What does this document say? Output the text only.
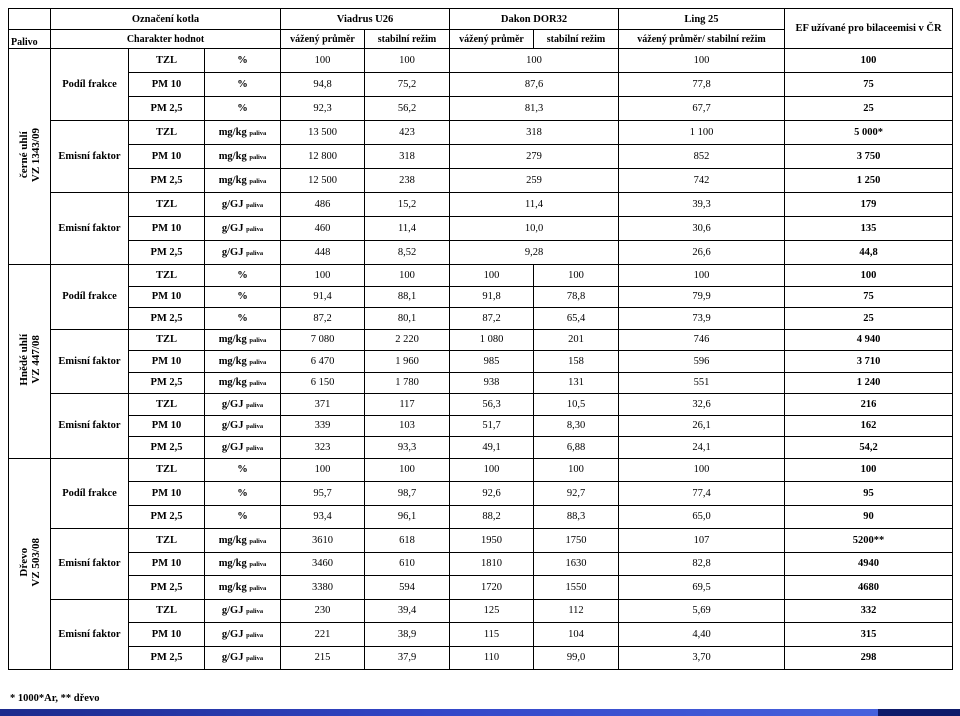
	Označení kotla			Viadrus U26		Dakon DOR32		Ling 25	EF užívané pro bilaceemisi v ČR
Palivo	Charakter hodnot			vážený průměr	stabilní režim	vážený průměr	stabilní režim	vážený průměr/ stabilní režim	

černé uhlí VZ 1343/09	Podíl frakce	TZL	%	100	100	100		100	100
		PM 10	%	94,8	75,2	87,6		77,8	75
		PM 2,5	%	92,3	56,2	81,3		67,7	25
	Emisní faktor	TZL	mg/kg paliva	13 500	423	318		1 100	5 000*
		PM 10	mg/kg paliva	12 800	318	279		852	3 750
		PM 2,5	mg/kg paliva	12 500	238	259		742	1 250
	Emisní faktor	TZL	g/GJ paliva	486	15,2	11,4		39,3	179
		PM 10	g/GJ paliva	460	11,4	10,0		30,6	135
		PM 2,5	g/GJ paliva	448	8,52	9,28		26,6	44,8

Hnědé uhlí VZ 447/08	Podíl frakce	TZL	%	100	100	100	100	100	100
		PM 10	%	91,4	88,1	91,8	78,8	79,9	75
		PM 2,5	%	87,2	80,1	87,2	65,4	73,9	25
	Emisní faktor	TZL	mg/kg paliva	7 080	2 220	1 080	201	746	4 940
		PM 10	mg/kg paliva	6 470	1 960	985	158	596	3 710
		PM 2,5	mg/kg paliva	6 150	1 780	938	131	551	1 240
	Emisní faktor	TZL	g/GJ paliva	371	117	56,3	10,5	32,6	216
		PM 10	g/GJ paliva	339	103	51,7	8,30	26,1	162
		PM 2,5	g/GJ paliva	323	93,3	49,1	6,88	24,1	54,2

Dřevo VZ 503/08	Podíl frakce	TZL	%	100	100	100	100	100	100
		PM 10	%	95,7	98,7	92,6	92,7	77,4	95
		PM 2,5	%	93,4	96,1	88,2	88,3	65,0	90
	Emisní faktor	TZL	mg/kg paliva	3610	618	1950	1750	107	5200**
		PM 10	mg/kg paliva	3460	610	1810	1630	82,8	4940
		PM 2,5	mg/kg paliva	3380	594	1720	1550	69,5	4680
	Emisní faktor	TZL	g/GJ paliva	230	39,4	125	112	5,69	332
		PM 10	g/GJ paliva	221	38,9	115	104	4,40	315
		PM 2,5	g/GJ paliva	215	37,9	110	99,0	3,70	298
* 1000*Ar, ** dřevo
